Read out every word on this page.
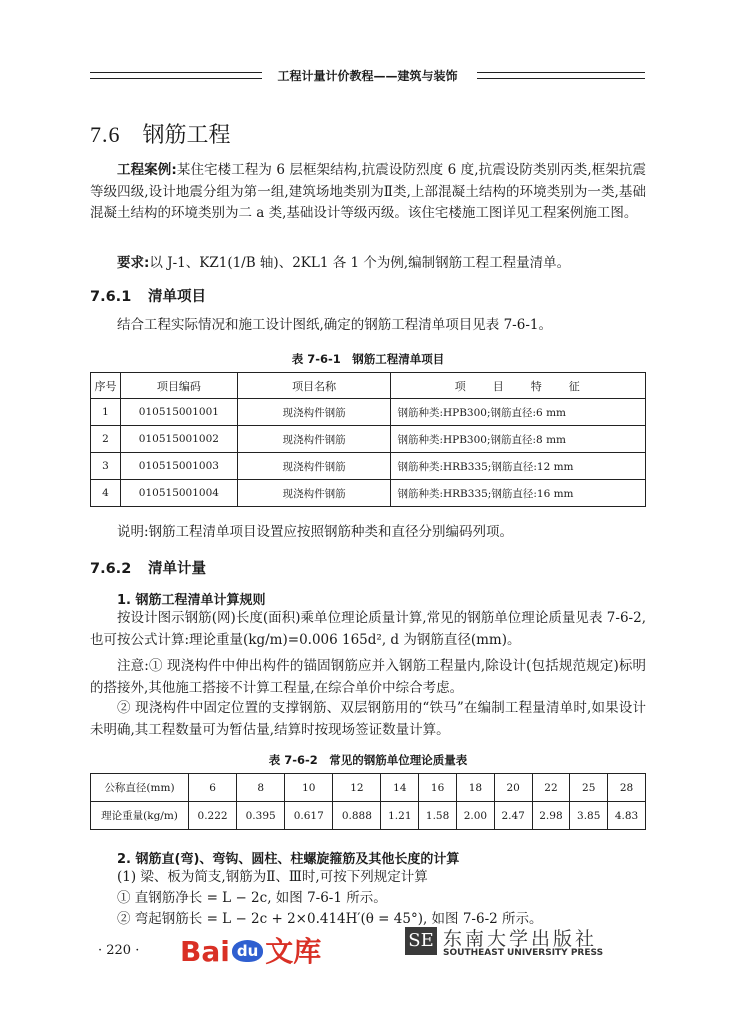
工程计量计价教程——建筑与装饰
7.6 钢筋工程
工程案例:某住宅楼工程为 6 层框架结构,抗震设防烈度 6 度,抗震设防类别丙类,框架抗震等级四级,设计地震分组为第一组,建筑场地类别为Ⅱ类,上部混凝土结构的环境类别为一类,基础混凝土结构的环境类别为二 a 类,基础设计等级丙级。该住宅楼施工图详见工程案例施工图。
要求:以 J-1、KZ1(1/B 轴)、2KL1 各 1 个为例,编制钢筋工程工程量清单。
7.6.1 清单项目
结合工程实际情况和施工设计图纸,确定的钢筋工程清单项目见表 7-6-1。
表 7-6-1　钢筋工程清单项目
序号	项目编码	项目名称	项　目　特　征
1	010515001001	现浇构件钢筋	钢筋种类:HPB300;钢筋直径:6 mm
2	010515001002	现浇构件钢筋	钢筋种类:HPB300;钢筋直径:8 mm
3	010515001003	现浇构件钢筋	钢筋种类:HRB335;钢筋直径:12 mm
4	010515001004	现浇构件钢筋	钢筋种类:HRB335;钢筋直径:16 mm
说明:钢筋工程清单项目设置应按照钢筋种类和直径分别编码列项。
7.6.2 清单计量
1. 钢筋工程清单计算规则
按设计图示钢筋(网)长度(面积)乘单位理论质量计算,常见的钢筋单位理论质量见表 7-6-2,也可按公式计算:理论重量(kg/m)=0.006 165d², d 为钢筋直径(mm)。
注意:① 现浇构件中伸出构件的锚固钢筋应并入钢筋工程量内,除设计(包括规范规定)标明的搭接外,其他施工搭接不计算工程量,在综合单价中综合考虑。
② 现浇构件中固定位置的支撑钢筋、双层钢筋用的“铁马”在编制工程量清单时,如果设计未明确,其工程数量可为暂估量,结算时按现场签证数量计算。
表 7-6-2　常见的钢筋单位理论质量表
公称直径(mm)	6	8	10	12	14	16	18	20	22	25	28
理论重量(kg/m)	0.222	0.395	0.617	0.888	1.21	1.58	2.00	2.47	2.98	3.85	4.83
2. 钢筋直(弯)、弯钩、圆柱、柱螺旋箍筋及其他长度的计算
(1) 梁、板为简支,钢筋为Ⅱ、Ⅲ时,可按下列规定计算
① 直钢筋净长 = L − 2c, 如图 7-6-1 所示。
② 弯起钢筋长 = L − 2c + 2×0.414H′(θ = 45°), 如图 7-6-2 所示。
· 220 · Bai du 文库	SE 东南大学出版社
SOUTHEAST UNIVERSITY PRESS
